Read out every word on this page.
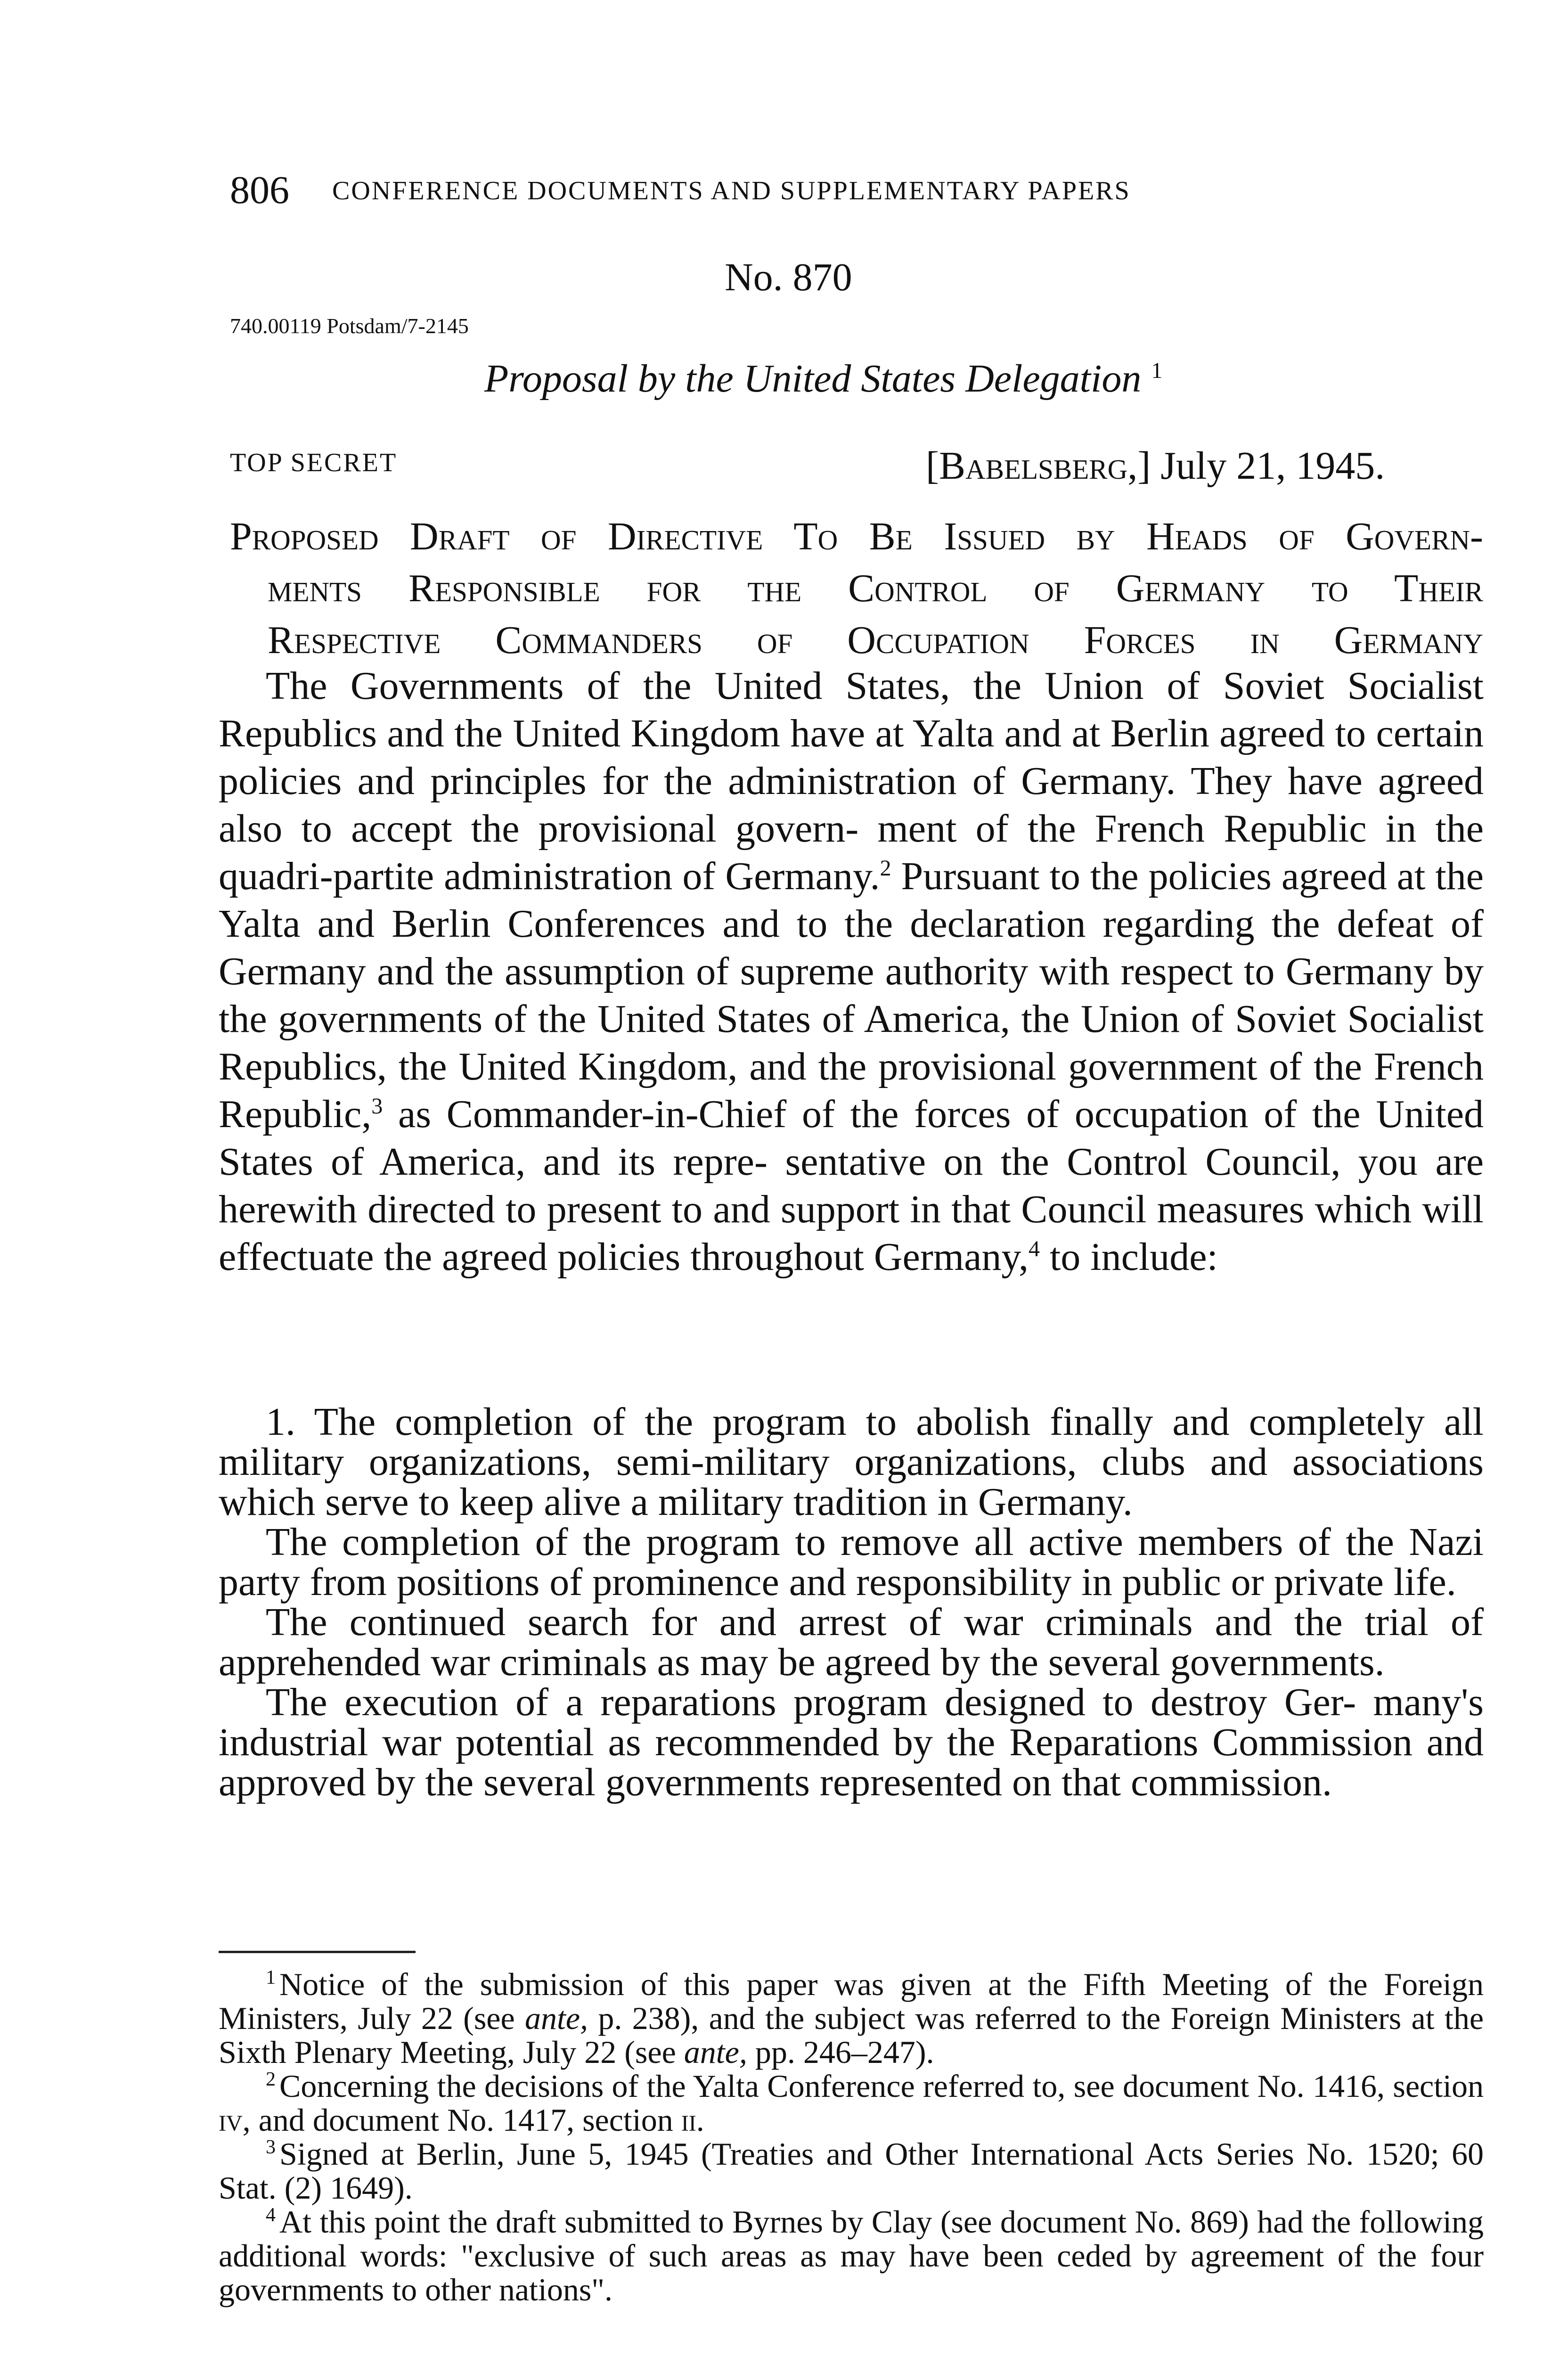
806 CONFERENCE DOCUMENTS AND SUPPLEMENTARY PAPERS
No. 870
740.00119 Potsdam/7-2145
Proposal by the United States Delegation $^1$
TOP SECRET	[Babelsberg,] July 21, 1945.
Proposed Draft of Directive To Be Issued by Heads of Govern-
ments Responsible for the Control of Germany to Their
Respective Commanders of Occupation Forces in Germany

The Governments of the United States, the Union of Soviet Socialist Republics and the United Kingdom have at Yalta and at Berlin agreed to certain policies and principles for the administration of Germany. They have agreed also to accept the provisional govern- ment of the French Republic in the quadri-partite administration of Germany.$^2$ Pursuant to the policies agreed at the Yalta and Berlin Conferences and to the declaration regarding the defeat of Germany and the assumption of supreme authority with respect to Germany by the governments of the United States of America, the Union of Soviet Socialist Republics, the United Kingdom, and the provisional government of the French Republic,$^3$ as Commander-in-Chief of the forces of occupation of the United States of America, and its repre- sentative on the Control Council, you are herewith directed to present to and support in that Council measures which will effectuate the agreed policies throughout Germany,$^4$ to include:

1. The completion of the program to abolish finally and completely all military organizations, semi-military organizations, clubs and associations which serve to keep alive a military tradition in Germany.

The completion of the program to remove all active members of the Nazi party from positions of prominence and responsibility in public or private life.

The continued search for and arrest of war criminals and the trial of apprehended war criminals as may be agreed by the several governments.

The execution of a reparations program designed to destroy Ger- many's industrial war potential as recommended by the Reparations Commission and approved by the several governments represented on that commission.

$^1$ Notice of the submission of this paper was given at the Fifth Meeting of the Foreign Ministers, July 22 (see ante, p. 238), and the subject was referred to the Foreign Ministers at the Sixth Plenary Meeting, July 22 (see ante, pp. 246–247).

$^2$ Concerning the decisions of the Yalta Conference referred to, see document No. 1416, section iv, and document No. 1417, section ii.

$^3$ Signed at Berlin, June 5, 1945 (Treaties and Other International Acts Series No. 1520; 60 Stat. (2) 1649).

$^4$ At this point the draft submitted to Byrnes by Clay (see document No. 869) had the following additional words: "exclusive of such areas as may have been ceded by agreement of the four governments to other nations".
